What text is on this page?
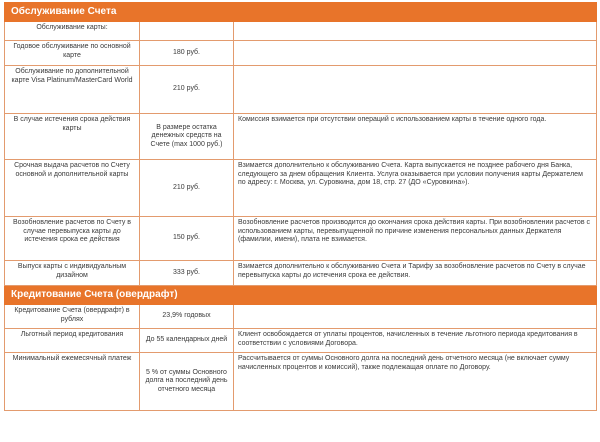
Обслуживание Счета		
Обслуживание карты:		
Годовое обслуживание по основной карте	180 руб.	
Обслуживание по дополнительной карте Visa Platinum/MasterCard World	210 руб.	
В случае истечения срока действия карты	В размере остатка денежных средств на Счете (max 1000 руб.)	Комиссия взимается при отсутствии операций с использованием карты в течение одного года.
Срочная выдача расчетов по Счету основной и дополнительной карты	210 руб.	Взимается дополнительно к обслуживанию Счета. Карта выпускается не позднее рабочего дня Банка, следующего за днем обращения Клиента. Услуга оказывается при условии получения карты Держателем по адресу: г. Москва, ул. Суровкина, дом 18, стр. 27 (ДО «Суровкина»).
Возобновление расчетов по Счету в случае перевыпуска карты до истечения срока ее действия	150 руб.	Возобновление расчетов производится до окончания срока действия карты. При возобновлении расчетов с использованием карты, перевыпущенной по причине изменения персональных данных Держателя (фамилии, имени), плата не взимается.
Выпуск карты с индивидуальным дизайном	333 руб.	Взимается дополнительно к обслуживанию Счета и Тарифу за возобновление расчетов по Счету в случае перевыпуска карты до истечения срока ее действия.
Кредитование Счета (овердрафт)		
Кредитование Счета (овердрафт) в рублях	23,9% годовых	
Льготный период кредитования	До 55 календарных дней	Клиент освобождается от уплаты процентов, начисленных в течение льготного периода кредитования в соответствии с условиями Договора.
Минимальный ежемесячный платеж	5 % от суммы Основного долга на последний день отчетного месяца	Рассчитывается от суммы Основного долга на последний день отчетного месяца (не включает сумму начисленных процентов и комиссий), также подлежащая оплате по Договору.
